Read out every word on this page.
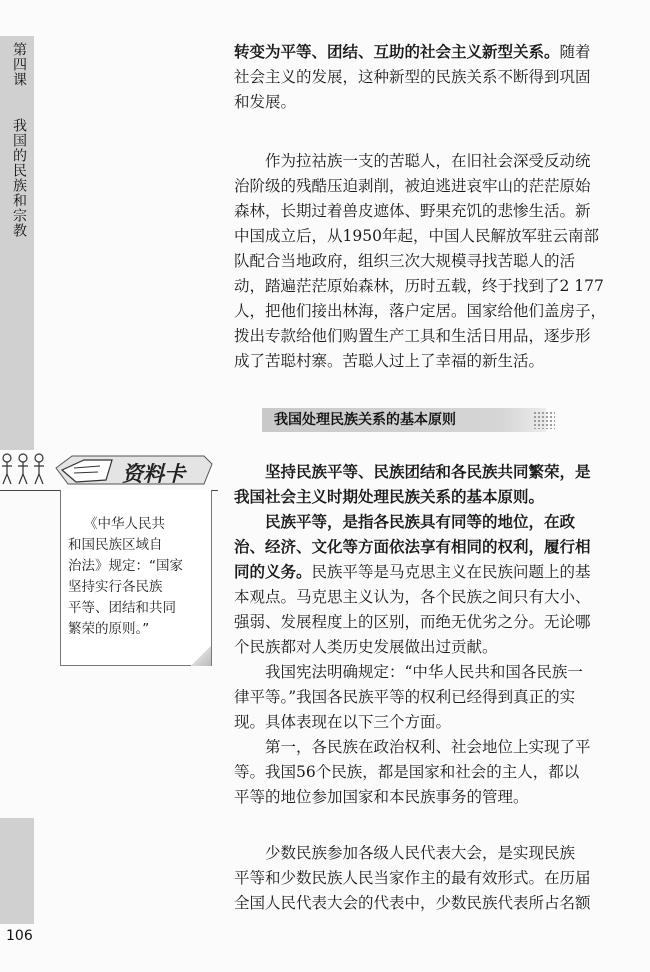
第四课
我国的民族和宗教
106
转变为平等、团结、互助的社会主义新型关系。随着
社会主义的发展，这种新型的民族关系不断得到巩固
和发展。
作为拉祜族一支的苦聪人，在旧社会深受反动统
治阶级的残酷压迫剥削，被迫逃进哀牢山的茫茫原始
森林，长期过着兽皮遮体、野果充饥的悲惨生活。新
中国成立后，从1950年起，中国人民解放军驻云南部
队配合当地政府，组织三次大规模寻找苦聪人的活
动，踏遍茫茫原始森林，历时五载，终于找到了2 177
人，把他们接出林海，落户定居。国家给他们盖房子，
拨出专款给他们购置生产工具和生活日用品，逐步形
成了苦聪村寨。苦聪人过上了幸福的新生活。
我国处理民族关系的基本原则
坚持民族平等、民族团结和各民族共同繁荣，是
我国社会主义时期处理民族关系的基本原则。
民族平等，是指各民族具有同等的地位，在政
治、经济、文化等方面依法享有相同的权利，履行相
同的义务。民族平等是马克思主义在民族问题上的基
本观点。马克思主义认为，各个民族之间只有大小、
强弱、发展程度上的区别，而绝无优劣之分。无论哪
个民族都对人类历史发展做出过贡献。
我国宪法明确规定：“中华人民共和国各民族一
律平等。”我国各民族平等的权利已经得到真正的实
现。具体表现在以下三个方面。
第一，各民族在政治权利、社会地位上实现了平
等。我国56个民族，都是国家和社会的主人，都以
平等的地位参加国家和本民族事务的管理。
少数民族参加各级人民代表大会，是实现民族
平等和少数民族人民当家作主的最有效形式。在历届
全国人民代表大会的代表中，少数民族代表所占名额
资料卡
《中华人民共
和国民族区域自
治法》规定：“国家
坚持实行各民族
平等、团结和共同
繁荣的原则。”
